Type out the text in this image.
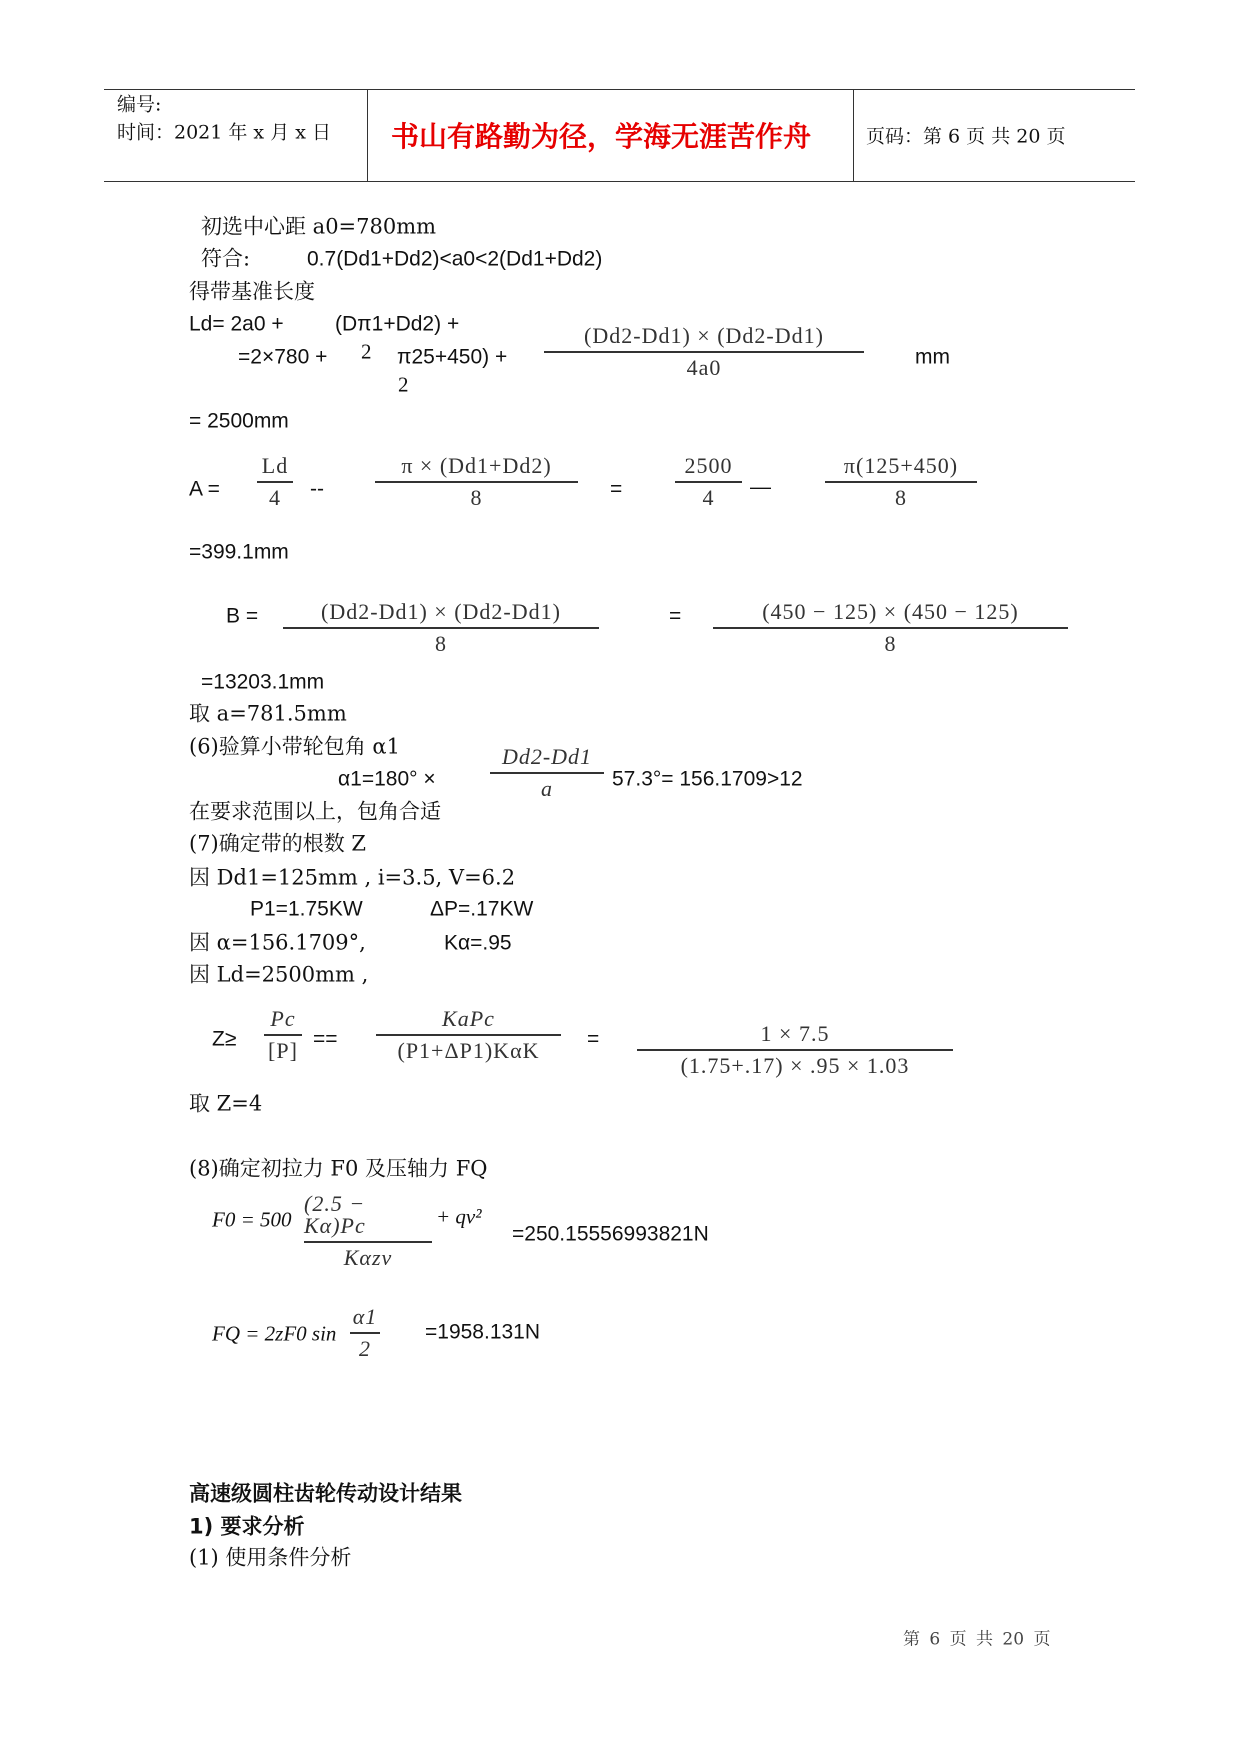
编号:
时间：2021 年 x 月 x 日 书山有路勤为径，学海无涯苦作舟	页码：第 6 页 共 20 页
初选中心距 a0=780mm
符合:	0.7(Dd1+Dd2)<a0<2(Dd1+Dd2)
得带基准长度
Ld= 2a0 + (Dπ1+Dd2) +
=2×780 + 2 π25+450) +
2
(Dd2-Dd1) × (Dd2-Dd1)
4a0	mm
= 2500mm
A =
Ld
4 --
π × (Dd1+Dd2)
8	=
2500
4 —
π(125+450)
8
=399.1mm
B =	(Dd2-Dd1) × (Dd2-Dd1)
8
=	(450 − 125) × (450 − 125)
8
=13203.1mm
取 a=781.5mm
(6)验算小带轮包角 α1
α1=180° ×
Dd2-Dd1
a	57.3°= 156.1709>12
在要求范围以上，包角合适
(7)确定带的根数 Z
因 Dd1=125mm , i=3.5, V=6.2
P1=1.75KW	ΔP=.17KW
因 α=156.1709°,	Kα=.95
因 Ld=2500mm ,
Z≥
Pc
[P] ==
KaPc
(P1+ΔP1)KαK =	1 × 7.5
(1.75+.17) × .95 × 1.03
取 Z=4
(8)确定初拉力 F0 及压轴力 FQ
F0 = 500
(2.5 − Kα)Pc
Kαzv
+ qv²
=250.15556993821N
FQ = 2zF0 sin
α1
2
=1958.131N
高速级圆柱齿轮传动设计结果
1) 要求分析
(1) 使用条件分析
第 6 页 共 20 页
